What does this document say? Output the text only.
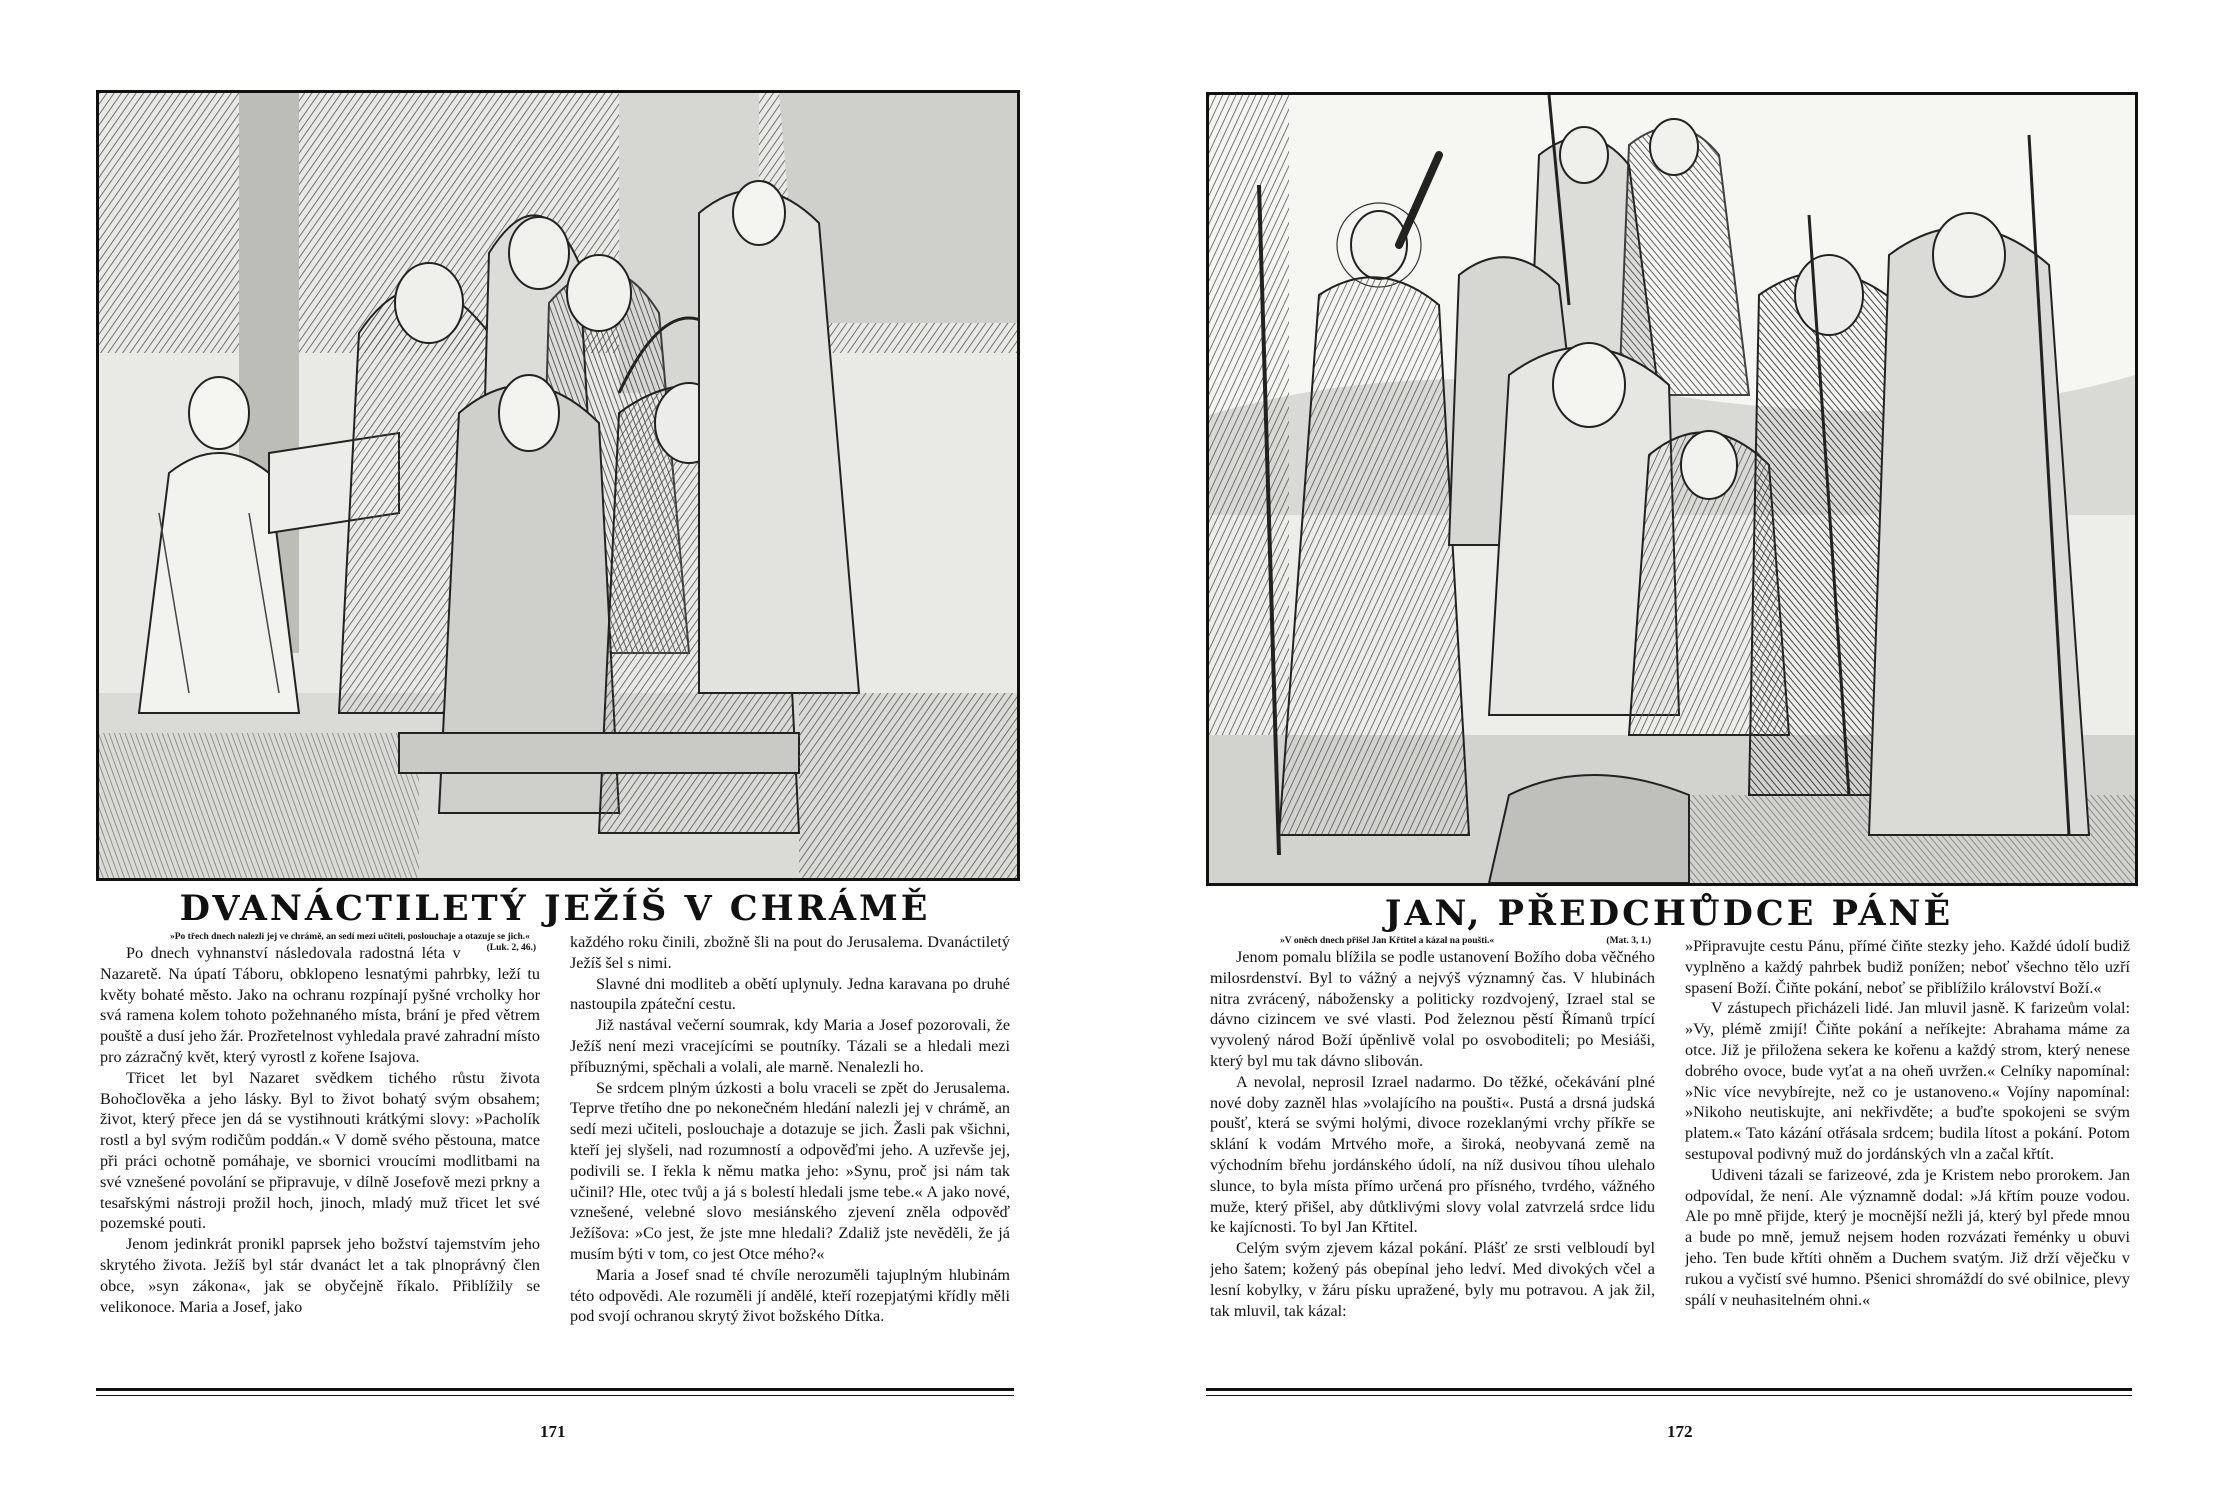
DVANÁCTILETÝ JEŽÍŠ V CHRÁMĚ

»Po třech dnech nalezli jej ve chrámě, an sedí mezi učiteli, poslouchaje a otazuje se jich.«
(Luk. 2, 46.)

Po dnech vyhnanství následovala radostná léta v Nazaretě. Na úpatí Táboru, obklopeno lesnatými pahrbky, leží tu květy bohaté město. Jako na ochranu rozpínají pyšné vrcholky hor svá ramena kolem tohoto požehnaného místa, brání je před větrem pouště a dusí jeho žár. Prozřetelnost vyhledala pravé zahradní místo pro zázračný květ, který vyrostl z kořene Isajova.

Třicet let byl Nazaret svědkem tichého růstu života Bohočlověka a jeho lásky. Byl to život bohatý svým obsahem; život, který přece jen dá se vystihnouti krátkými slovy: »Pacholík rostl a byl svým rodičům poddán.« V domě svého pěstouna, matce při práci ochotně pomáhaje, ve sbornici vroucími modlitbami na své vznešené povolání se připravuje, v dílně Josefově mezi prkny a tesařskými nástroji prožil hoch, jinoch, mladý muž třicet let své pozemské pouti.

Jenom jedinkrát pronikl paprsek jeho božství tajemstvím jeho skrytého života. Ježíš byl stár dvanáct let a tak plnoprávný člen obce, »syn zákona«, jak se obyčejně říkalo. Přiblížily se velikonoce. Maria a Josef, jako

každého roku činili, zbožně šli na pout do Jerusalema. Dvanáctiletý Ježíš šel s nimi.

Slavné dni modliteb a obětí uplynuly. Jedna karavana po druhé nastoupila zpáteční cestu.

Již nastával večerní soumrak, kdy Maria a Josef pozorovali, že Ježíš není mezi vracejícími se poutníky. Tázali se a hledali mezi příbuznými, spěchali a volali, ale marně. Nenalezli ho.

Se srdcem plným úzkosti a bolu vraceli se zpět do Jerusalema. Teprve třetího dne po nekonečném hledání nalezli jej v chrámě, an sedí mezi učiteli, poslouchaje a dotazuje se jich. Žasli pak všichni, kteří jej slyšeli, nad rozumností a odpověďmi jeho. A uzřevše jej, podivili se. I řekla k němu matka jeho: »Synu, proč jsi nám tak učinil? Hle, otec tvůj a já s bolestí hledali jsme tebe.« A jako nové, vznešené, velebné slovo mesiánského zjevení zněla odpověď Ježíšova: »Co jest, že jste mne hledali? Zdaliž jste nevěděli, že já musím býti v tom, co jest Otce mého?«

Maria a Josef snad té chvíle nerozuměli tajuplným hlubinám této odpovědi. Ale rozuměli jí andělé, kteří rozepjatými křídly měli pod svojí ochranou skrytý život božského Dítka.

171
JAN, PŘEDCHŮDCE PÁNĚ

»V oněch dnech přišel Jan Křtitel a kázal na poušti.«	(Mat. 3, 1.)

Jenom pomalu blížila se podle ustanovení Božího doba věčného milosrdenství. Byl to vážný a nejvýš významný čas. V hlubinách nitra zvrácený, nábožensky a politicky rozdvojený, Izrael stal se dávno cizincem ve své vlasti. Pod železnou pěstí Římanů trpící vyvolený národ Boží úpěnlivě volal po osvoboditeli; po Mesiáši, který byl mu tak dávno slibován.

A nevolal, neprosil Izrael nadarmo. Do těžké, očekávání plné nové doby zazněl hlas »volajícího na poušti«. Pustá a drsná judská poušť, která se svými holými, divoce rozeklanými vrchy příkře se sklání k vodám Mrtvého moře, a široká, neobyvaná země na východním břehu jordánského údolí, na níž dusivou tíhou ulehalo slunce, to byla místa přímo určená pro přísného, tvrdého, vážného muže, který přišel, aby důtklivými slovy volal zatvrzelá srdce lidu ke kajícnosti. To byl Jan Křtitel.

Celým svým zjevem kázal pokání. Plášť ze srsti velbloudí byl jeho šatem; kožený pás obepínal jeho ledví. Med divokých včel a lesní kobylky, v žáru písku upražené, byly mu potravou. A jak žil, tak mluvil, tak kázal:

»Připravujte cestu Pánu, přímé čiňte stezky jeho. Každé údolí budiž vyplněno a každý pahrbek budiž ponížen; neboť všechno tělo uzří spasení Boží. Čiňte pokání, neboť se přiblížilo království Boží.«

V zástupech přicházeli lidé. Jan mluvil jasně. K farizeům volal: »Vy, plémě zmijí! Čiňte pokání a neříkejte: Abrahama máme za otce. Již je přiložena sekera ke kořenu a každý strom, který nenese dobrého ovoce, bude vyťat a na oheň uvržen.« Celníky napomínal: »Nic více nevybírejte, než co je ustanoveno.« Vojíny napomínal: »Nikoho neutiskujte, ani nekřivděte; a buďte spokojeni se svým platem.« Tato kázání otřásala srdcem; budila lítost a pokání. Potom sestupoval podivný muž do jordánských vln a začal křtít.

Udiveni tázali se farizeové, zda je Kristem nebo prorokem. Jan odpovídal, že není. Ale významně dodal: »Já křtím pouze vodou. Ale po mně přijde, který je mocnější nežli já, který byl přede mnou a bude po mně, jemuž nejsem hoden rozvázati řeménky u obuvi jeho. Ten bude křtíti ohněm a Duchem svatým. Již drží věječku v rukou a vyčistí své humno. Pšenici shromáždí do své obilnice, plevy spálí v neuhasitelném ohni.«

172
